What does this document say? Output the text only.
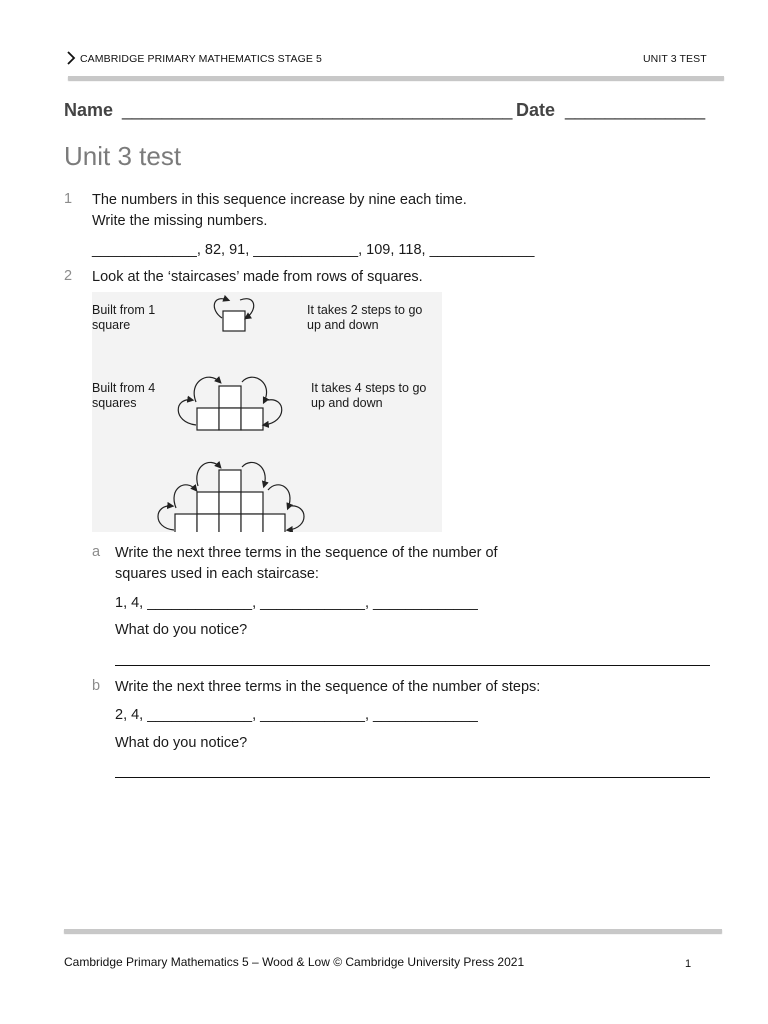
CAMBRIDGE PRIMARY MATHEMATICS STAGE 5	UNIT 3 TEST
Name _______________________________________ Date ______________
Unit 3 test
1 The numbers in this sequence increase by nine each time.
Write the missing numbers.
_____________, 82, 91, _____________, 109, 118, _____________
2 Look at the ‘staircases’ made from rows of squares.
Built from 1
square
It takes 2 steps to go
up and down
Built from 4
squares
It takes 4 steps to go
up and down
a Write the next three terms in the sequence of the number of
squares used in each staircase:
1, 4, _____________, _____________, _____________
What do you notice?
b Write the next three terms in the sequence of the number of steps:
2, 4, _____________, _____________, _____________
What do you notice?
Cambridge Primary Mathematics 5 – Wood & Low © Cambridge University Press 2021	1
